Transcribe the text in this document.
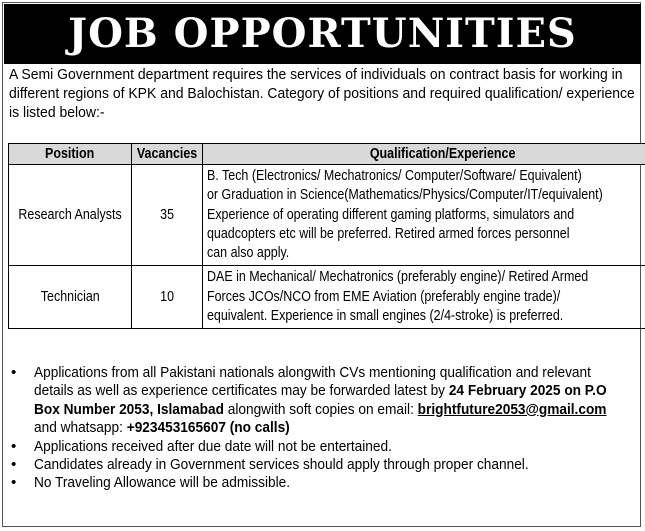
JOB OPPORTUNITIES
A Semi Government department requires the services of individuals on contract basis for working in
different regions of KPK and Balochistan. Category of positions and required qualification/ experience
is listed below:-
Position	Vacancies	Qualification/Experience
Research Analysts	35	B. Tech (Electronics/ Mechatronics/ Computer/Software/ Equivalent)
or Graduation in Science(Mathematics/Physics/Computer/IT/equivalent)
Experience of operating different gaming platforms, simulators and
quadcopters etc will be preferred. Retired armed forces personnel
can also apply.

Technician	10	DAE in Mechanical/ Mechatronics (preferably engine)/ Retired Armed
Forces JCOs/NCO from EME Aviation (preferably engine trade)/
equivalent. Experience in small engines (2/4-stroke) is preferred.
• Applications from all Pakistani nationals alongwith CVs mentioning qualification and relevant
details as well as experience certificates may be forwarded latest by 24 February 2025 on P.O
Box Number 2053, Islamabad alongwith soft copies on email: brightfuture2053@gmail.com
and whatsapp: +923453165607 (no calls)
• Applications received after due date will not be entertained.
• Candidates already in Government services should apply through proper channel.
• No Traveling Allowance will be admissible.
